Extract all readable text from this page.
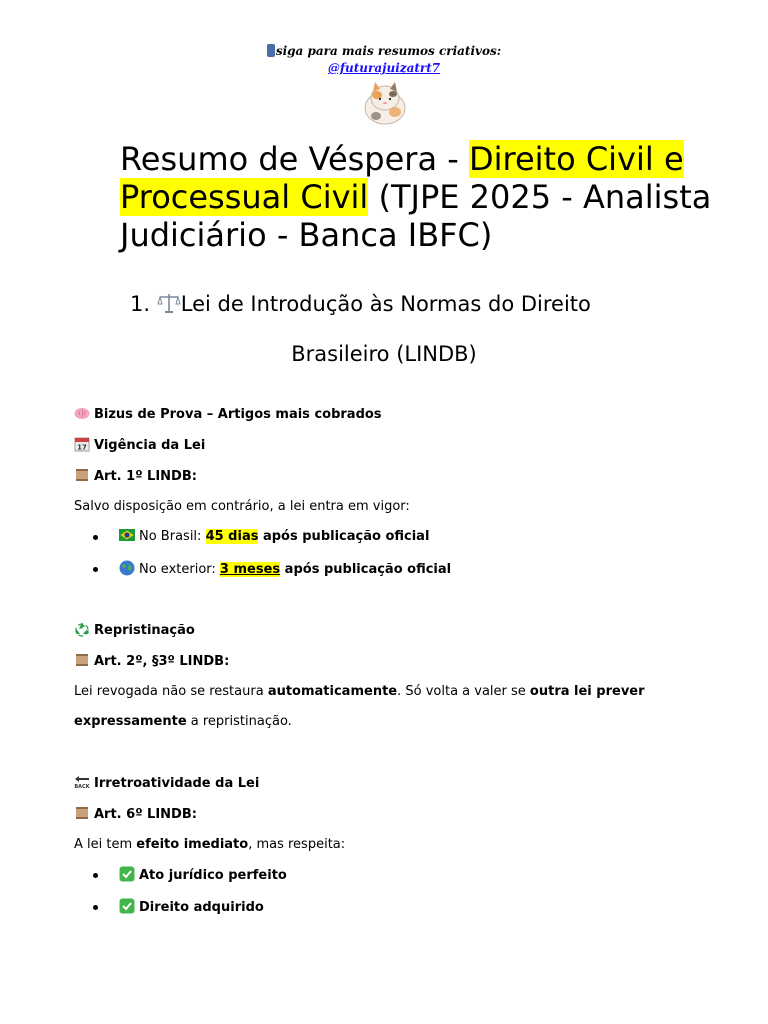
siga para mais resumos criativos:
@futurajuizatrt7
Resumo de Véspera - Direito Civil e Processual Civil (TJPE 2025 - Analista Judiciário - Banca IBFC)
1. Lei de Introdução às Normas do Direito
Brasileiro (LINDB)
Bizus de Prova – Artigos mais cobrados
17 Vigência da Lei
Art. 1º LINDB:
Salvo disposição em contrário, a lei entra em vigor:
No Brasil: 45 dias após publicação oficial
No exterior: 3 meses após publicação oficial
Repristinação
Art. 2º, §3º LINDB:
Lei revogada não se restaura automaticamente. Só volta a valer se outra lei prever
expressamente a repristinação.
BACK Irretroatividade da Lei
Art. 6º LINDB:
A lei tem efeito imediato, mas respeita:
Ato jurídico perfeito
Direito adquirido
